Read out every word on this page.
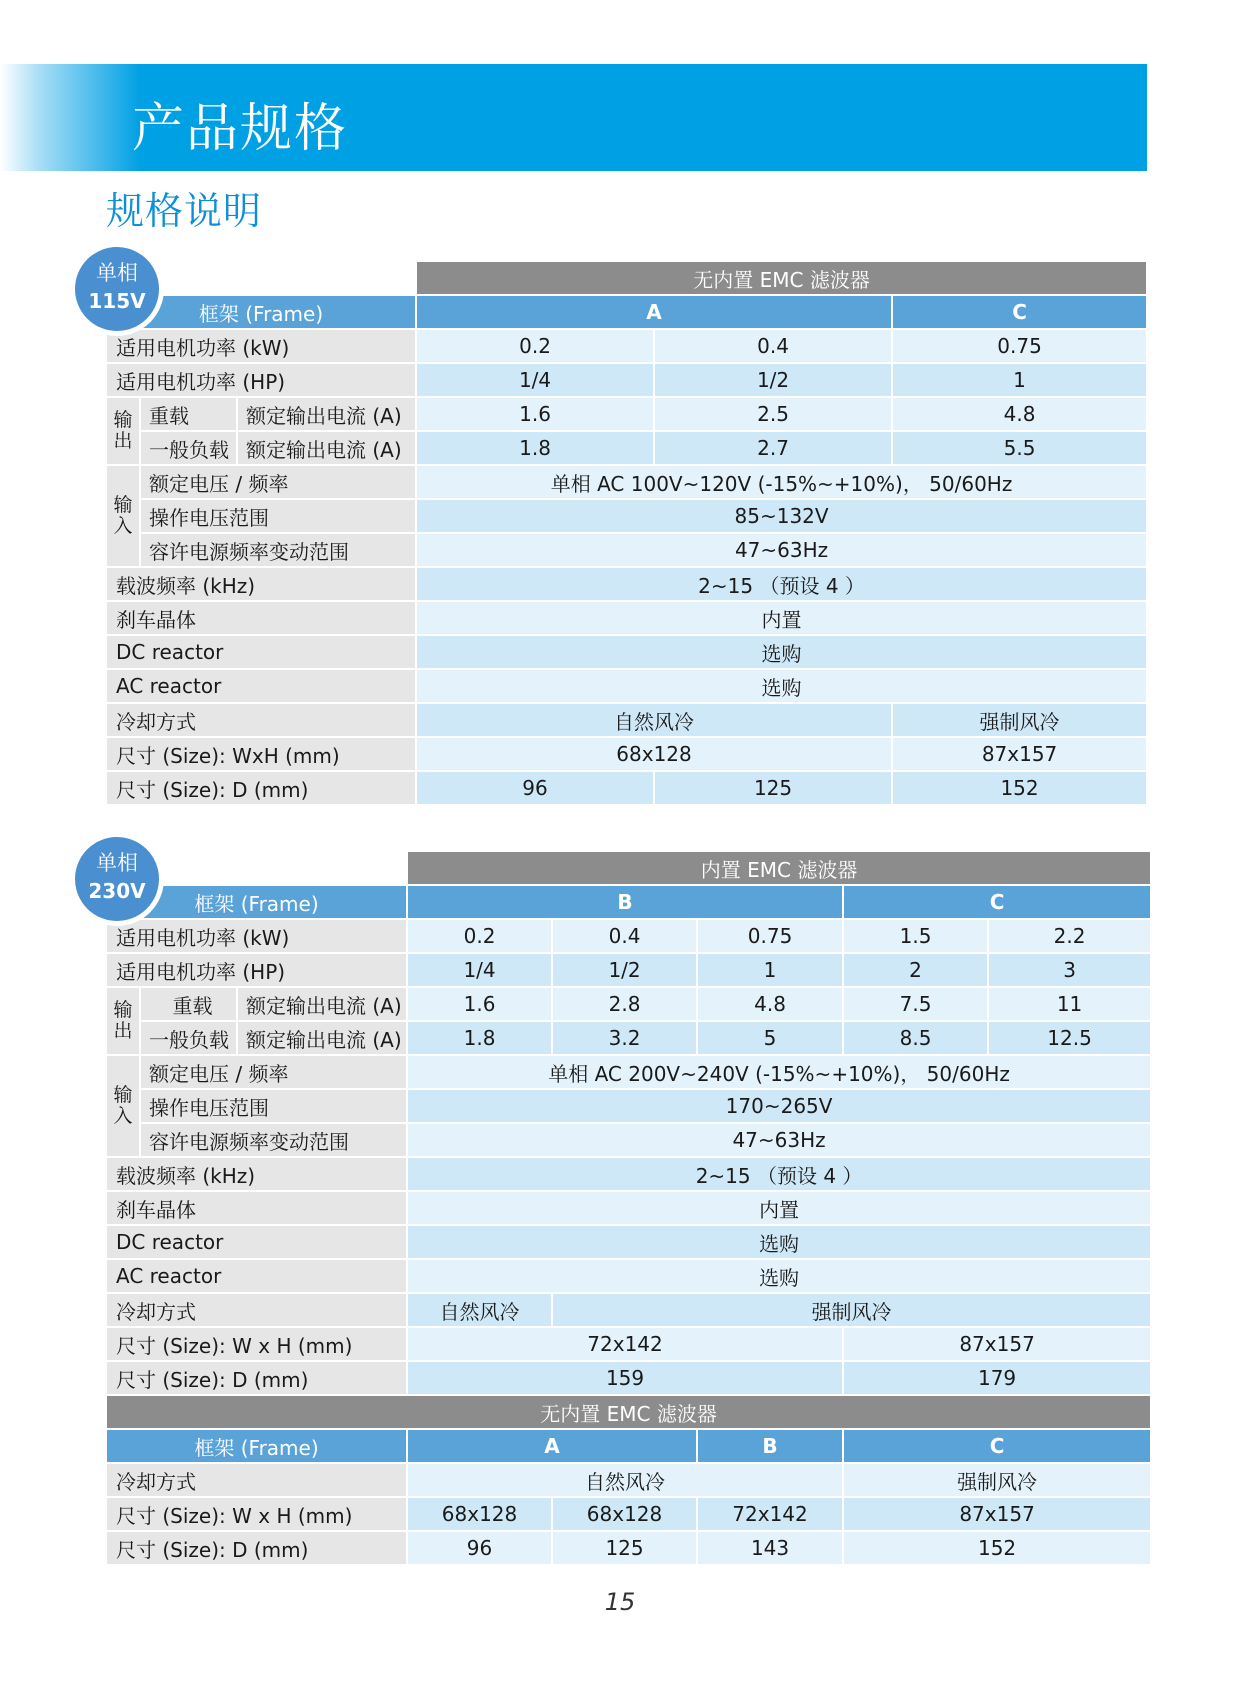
产品规格
规格说明
单相
115V
			无内置 EMC 滤波器		
框架 (Frame)			A		C
适用电机功率 (kW)			0.2	0.4	0.75
适用电机功率 (HP)			1/4	1/2	1
输出	重载	额定输出电流 (A)	1.6	2.5	4.8
	一般负载	额定输出电流 (A)	1.8	2.7	5.5
输入	额定电压 / 频率		单相 AC 100V~120V (-15%~+10%)， 50/60Hz		
	操作电压范围		85~132V		
	容许电源频率变动范围		47~63Hz		
载波频率 (kHz)			2~15 （预设 4 ）		
刹车晶体			内置		
DC reactor			选购		
AC reactor			选购		
冷却方式			自然风冷		强制风冷
尺寸 (Size): WxH (mm)			68x128		87x157
尺寸 (Size): D (mm)			96	125	152
单相
230V
			内置 EMC 滤波器				
框架 (Frame)			B			C	
适用电机功率 (kW)			0.2	0.4	0.75	1.5	2.2
适用电机功率 (HP)			1/4	1/2	1	2	3
输出	重载	额定输出电流 (A)	1.6	2.8	4.8	7.5	11
	一般负载	额定输出电流 (A)	1.8	3.2	5	8.5	12.5
输入	额定电压 / 频率		单相 AC 200V~240V (-15%~+10%)， 50/60Hz				
	操作电压范围		170~265V				
	容许电源频率变动范围		47~63Hz				
载波频率 (kHz)			2~15 （预设 4 ）				
刹车晶体			内置				
DC reactor			选购				
AC reactor			选购				
冷却方式			自然风冷	强制风冷			
尺寸 (Size): W x H (mm)			72x142			87x157	
尺寸 (Size): D (mm)			159			179	
无内置 EMC 滤波器							
框架 (Frame)			A		B	C	
冷却方式			自然风冷			强制风冷	
尺寸 (Size): W x H (mm)			68x128	68x128	72x142	87x157	
尺寸 (Size): D (mm)			96	125	143	152	
15
